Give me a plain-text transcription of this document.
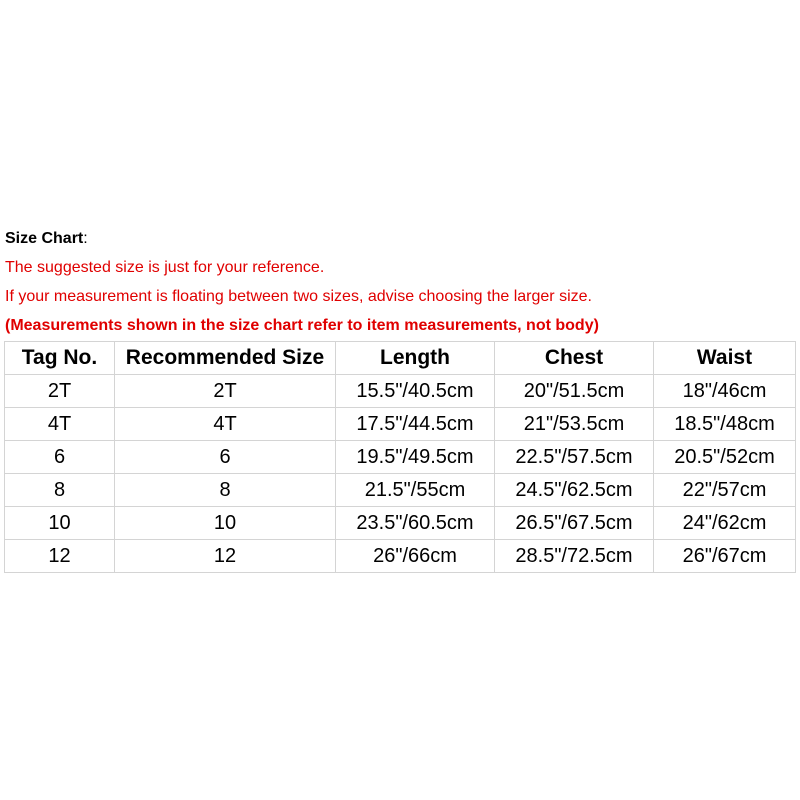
Size Chart:
The suggested size is just for your reference.
If your measurement is floating between two sizes, advise choosing the larger size.
(Measurements shown in the size chart refer to item measurements, not body)
Tag No.	Recommended Size	Length	Chest	Waist
2T	2T	15.5"/40.5cm	20"/51.5cm	18"/46cm
4T	4T	17.5"/44.5cm	21"/53.5cm	18.5"/48cm
6	6	19.5"/49.5cm	22.5"/57.5cm	20.5"/52cm
8	8	21.5"/55cm	24.5"/62.5cm	22"/57cm
10	10	23.5"/60.5cm	26.5"/67.5cm	24"/62cm
12	12	26"/66cm	28.5"/72.5cm	26"/67cm
